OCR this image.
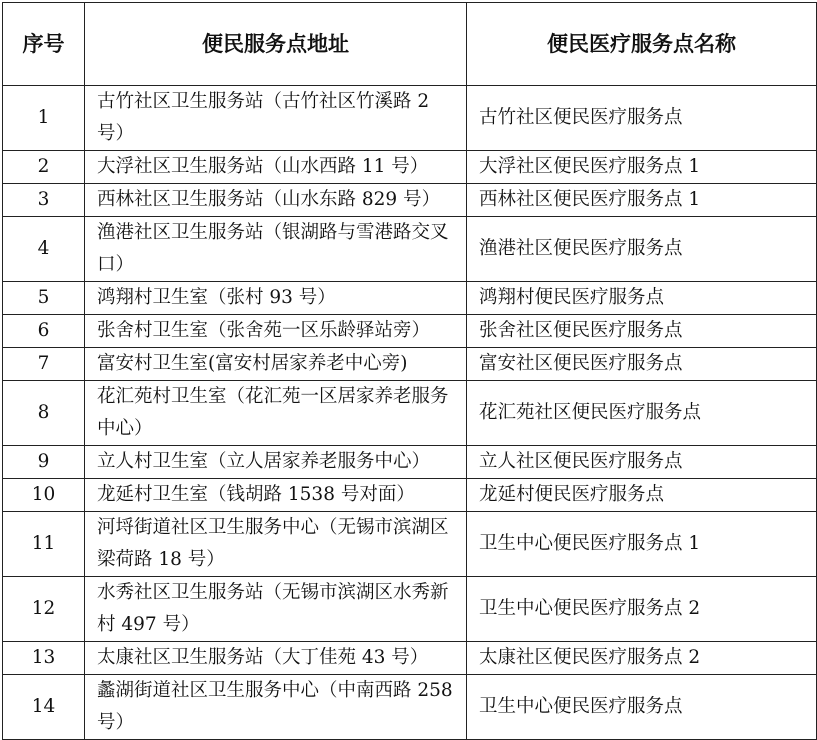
序号	便民服务点地址	便民医疗服务点名称
1	古竹社区卫生服务站（古竹社区竹溪路 2 号）	古竹社区便民医疗服务点
2	大浮社区卫生服务站（山水西路 11 号）	大浮社区便民医疗服务点 1
3	西林社区卫生服务站（山水东路 829 号）	西林社区便民医疗服务点 1
4	渔港社区卫生服务站（银湖路与雪港路交叉口）	渔港社区便民医疗服务点
5	鸿翔村卫生室（张村 93 号）	鸿翔村便民医疗服务点
6	张舍村卫生室（张舍苑一区乐龄驿站旁）	张舍社区便民医疗服务点
7	富安村卫生室(富安村居家养老中心旁)	富安社区便民医疗服务点
8	花汇苑村卫生室（花汇苑一区居家养老服务中心）	花汇苑社区便民医疗服务点
9	立人村卫生室（立人居家养老服务中心）	立人社区便民医疗服务点
10	龙延村卫生室（钱胡路 1538 号对面）	龙延村便民医疗服务点
11	河埒街道社区卫生服务中心（无锡市滨湖区梁荷路 18 号）	卫生中心便民医疗服务点 1
12	水秀社区卫生服务站（无锡市滨湖区水秀新村 497 号）	卫生中心便民医疗服务点 2
13	太康社区卫生服务站（大丁佳苑 43 号）	太康社区便民医疗服务点 2
14	蠡湖街道社区卫生服务中心（中南西路 258 号）	卫生中心便民医疗服务点
